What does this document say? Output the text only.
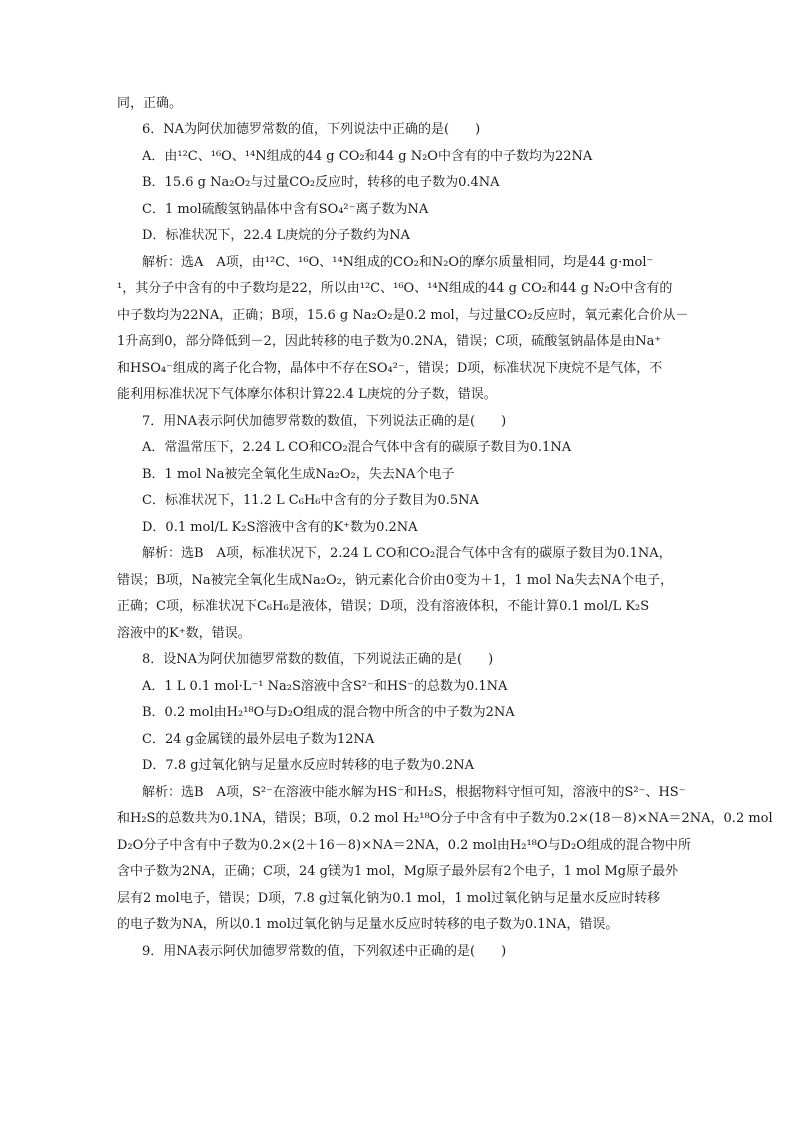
同，正确。
6．NA为阿伏加德罗常数的值，下列说法中正确的是(　　)
A．由¹²C、¹⁶O、¹⁴N组成的44 g CO₂和44 g N₂O中含有的中子数均为22NA
B．15.6 g Na₂O₂与过量CO₂反应时，转移的电子数为0.4NA
C．1 mol硫酸氢钠晶体中含有SO₄²⁻离子数为NA
D．标准状况下，22.4 L庚烷的分子数约为NA
解析：选A　A项，由¹²C、¹⁶O、¹⁴N组成的CO₂和N₂O的摩尔质量相同，均是44 g·mol⁻
¹，其分子中含有的中子数均是22，所以由¹²C、¹⁶O、¹⁴N组成的44 g CO₂和44 g N₂O中含有的
中子数均为22NA，正确；B项，15.6 g Na₂O₂是0.2 mol，与过量CO₂反应时，氧元素化合价从－
1升高到0，部分降低到－2，因此转移的电子数为0.2NA，错误；C项，硫酸氢钠晶体是由Na⁺
和HSO₄⁻组成的离子化合物，晶体中不存在SO₄²⁻，错误；D项，标准状况下庚烷不是气体，不
能利用标准状况下气体摩尔体积计算22.4 L庚烷的分子数，错误。
7．用NA表示阿伏加德罗常数的数值，下列说法正确的是(　　)
A．常温常压下，2.24 L CO和CO₂混合气体中含有的碳原子数目为0.1NA
B．1 mol Na被完全氧化生成Na₂O₂，失去NA个电子
C．标准状况下，11.2 L C₆H₆中含有的分子数目为0.5NA
D．0.1 mol/L K₂S溶液中含有的K⁺数为0.2NA
解析：选B　A项，标准状况下，2.24 L CO和CO₂混合气体中含有的碳原子数目为0.1NA，
错误；B项，Na被完全氧化生成Na₂O₂，钠元素化合价由0变为＋1，1 mol Na失去NA个电子，
正确；C项，标准状况下C₆H₆是液体，错误；D项，没有溶液体积，不能计算0.1 mol/L K₂S
溶液中的K⁺数，错误。
8．设NA为阿伏加德罗常数的数值，下列说法正确的是(　　)
A．1 L 0.1 mol·L⁻¹ Na₂S溶液中含S²⁻和HS⁻的总数为0.1NA
B．0.2 mol由H₂¹⁸O与D₂O组成的混合物中所含的中子数为2NA
C．24 g金属镁的最外层电子数为12NA
D．7.8 g过氧化钠与足量水反应时转移的电子数为0.2NA
解析：选B　A项，S²⁻在溶液中能水解为HS⁻和H₂S，根据物料守恒可知，溶液中的S²⁻、HS⁻
和H₂S的总数共为0.1NA，错误；B项，0.2 mol H₂¹⁸O分子中含有中子数为0.2×(18－8)×NA＝2NA，0.2 mol
D₂O分子中含有中子数为0.2×(2＋16－8)×NA＝2NA，0.2 mol由H₂¹⁸O与D₂O组成的混合物中所
含中子数为2NA，正确；C项，24 g镁为1 mol，Mg原子最外层有2个电子，1 mol Mg原子最外
层有2 mol电子，错误；D项，7.8 g过氧化钠为0.1 mol，1 mol过氧化钠与足量水反应时转移
的电子数为NA，所以0.1 mol过氧化钠与足量水反应时转移的电子数为0.1NA，错误。
9．用NA表示阿伏加德罗常数的值，下列叙述中正确的是(　　)
